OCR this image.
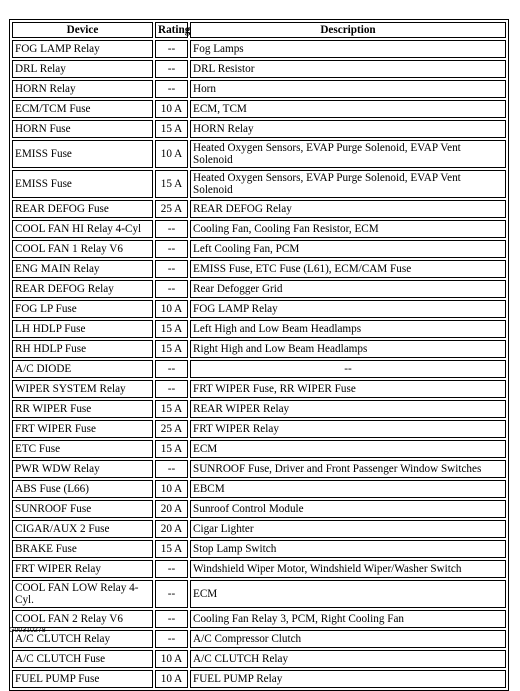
Device	Rating	Description
FOG LAMP Relay	--	Fog Lamps
DRL Relay	--	DRL Resistor
HORN Relay	--	Horn
ECM/TCM Fuse	10 A	ECM, TCM
HORN Fuse	15 A	HORN Relay
EMISS Fuse	10 A	Heated Oxygen Sensors, EVAP Purge Solenoid, EVAP Vent Solenoid
EMISS Fuse	15 A	Heated Oxygen Sensors, EVAP Purge Solenoid, EVAP Vent Solenoid
REAR DEFOG Fuse	25 A	REAR DEFOG Relay
COOL FAN HI Relay 4-Cyl	--	Cooling Fan, Cooling Fan Resistor, ECM
COOL FAN 1 Relay V6	--	Left Cooling Fan, PCM
ENG MAIN Relay	--	EMISS Fuse, ETC Fuse (L61), ECM/CAM Fuse
REAR DEFOG Relay	--	Rear Defogger Grid
FOG LP Fuse	10 A	FOG LAMP Relay
LH HDLP Fuse	15 A	Left High and Low Beam Headlamps
RH HDLP Fuse	15 A	Right High and Low Beam Headlamps
A/C DIODE	--	--
WIPER SYSTEM Relay	--	FRT WIPER Fuse, RR WIPER Fuse
RR WIPER Fuse	15 A	REAR WIPER Relay
FRT WIPER Fuse	25 A	FRT WIPER Relay
ETC Fuse	15 A	ECM
PWR WDW Relay	--	SUNROOF Fuse, Driver and Front Passenger Window Switches
ABS Fuse (L66)	10 A	EBCM
SUNROOF Fuse	20 A	Sunroof Control Module
CIGAR/AUX 2 Fuse	20 A	Cigar Lighter
BRAKE Fuse	15 A	Stop Lamp Switch
FRT WIPER Relay	--	Windshield Wiper Motor, Windshield Wiper/Washer Switch
COOL FAN LOW Relay 4-Cyl.	--	ECM
COOL FAN 2 Relay V6	--	Cooling Fan Relay 3, PCM, Right Cooling Fan
A/C CLUTCH Relay	--	A/C Compressor Clutch
A/C CLUTCH Fuse	10 A	A/C CLUTCH Relay
FUEL PUMP Fuse	10 A	FUEL PUMP Relay
G00310278
